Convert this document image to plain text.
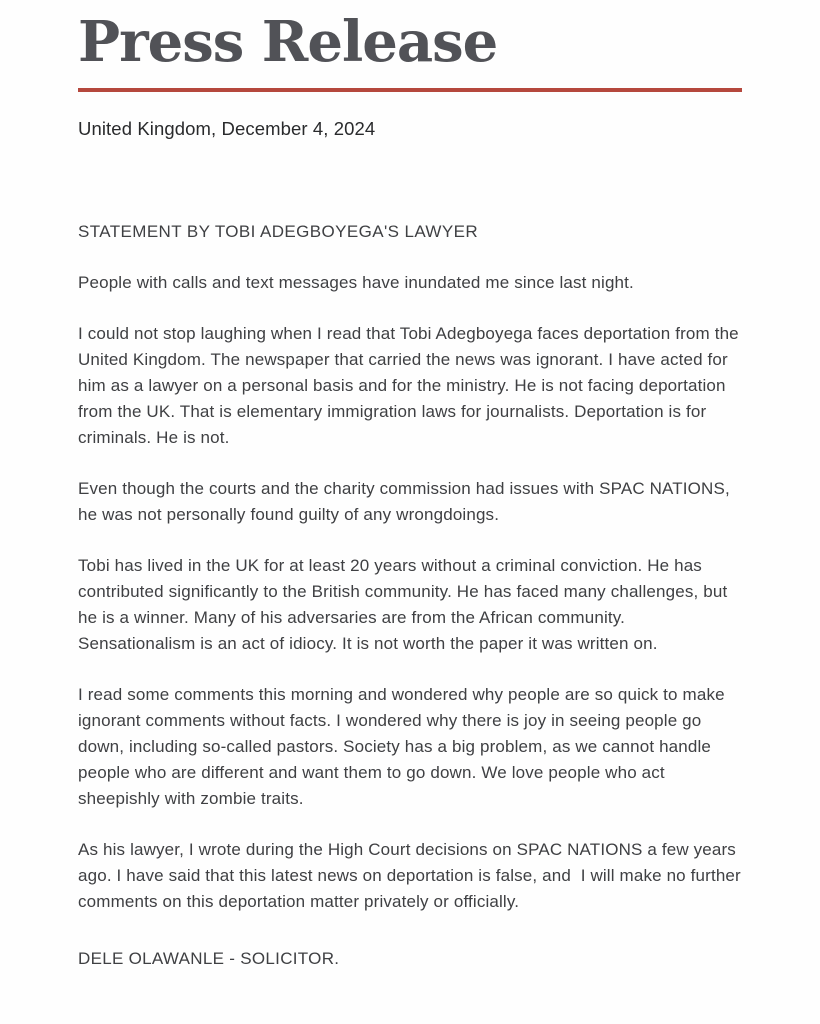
Press Release
United Kingdom, December 4, 2024
STATEMENT BY TOBI ADEGBOYEGA'S LAWYER

People with calls and text messages have inundated me since last night.

I could not stop laughing when I read that Tobi Adegboyega faces deportation from the United Kingdom. The newspaper that carried the news was ignorant. I have acted for him as a lawyer on a personal basis and for the ministry. He is not facing deportation from the UK. That is elementary immigration laws for journalists. Deportation is for criminals. He is not.

Even though the courts and the charity commission had issues with SPAC NATIONS, he was not personally found guilty of any wrongdoings.

Tobi has lived in the UK for at least 20 years without a criminal conviction. He has contributed significantly to the British community. He has faced many challenges, but he is a winner. Many of his adversaries are from the African community. Sensationalism is an act of idiocy. It is not worth the paper it was written on.

I read some comments this morning and wondered why people are so quick to make ignorant comments without facts. I wondered why there is joy in seeing people go down, including so-called pastors. Society has a big problem, as we cannot handle people who are different and want them to go down. We love people who act sheepishly with zombie traits.

As his lawyer, I wrote during the High Court decisions on SPAC NATIONS a few years ago. I have said that this latest news on deportation is false, and  I will make no further comments on this deportation matter privately or officially.

DELE OLAWANLE - SOLICITOR.
